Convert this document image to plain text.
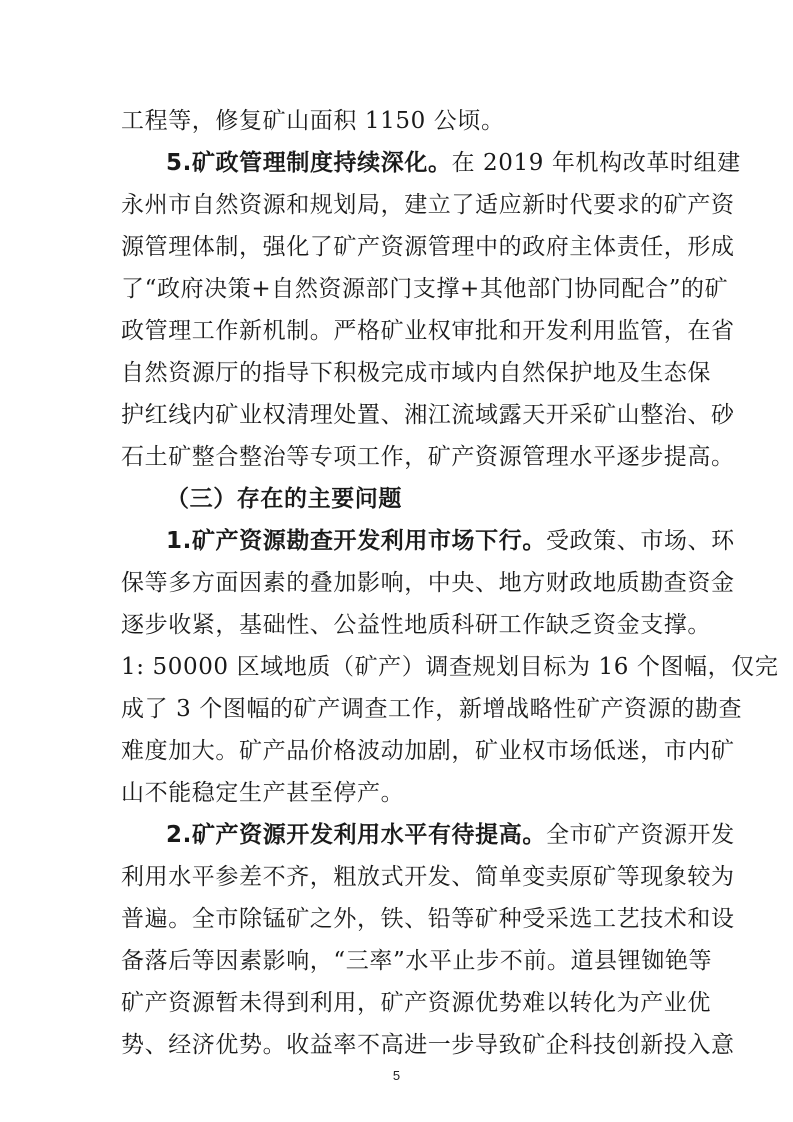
工程等，修复矿山面积 1150 公顷。
5.矿政管理制度持续深化。在 2019 年机构改革时组建
永州市自然资源和规划局，建立了适应新时代要求的矿产资
源管理体制，强化了矿产资源管理中的政府主体责任，形成
了“政府决策+自然资源部门支撑+其他部门协同配合”的矿
政管理工作新机制。严格矿业权审批和开发利用监管，在省
自然资源厅的指导下积极完成市域内自然保护地及生态保
护红线内矿业权清理处置、湘江流域露天开采矿山整治、砂
石土矿整合整治等专项工作，矿产资源管理水平逐步提高。
（三）存在的主要问题
1.矿产资源勘查开发利用市场下行。受政策、市场、环
保等多方面因素的叠加影响，中央、地方财政地质勘查资金
逐步收紧，基础性、公益性地质科研工作缺乏资金支撑。
1: 50000 区域地质（矿产）调查规划目标为 16 个图幅，仅完
成了 3 个图幅的矿产调查工作，新增战略性矿产资源的勘查
难度加大。矿产品价格波动加剧，矿业权市场低迷，市内矿
山不能稳定生产甚至停产。
2.矿产资源开发利用水平有待提高。全市矿产资源开发
利用水平参差不齐，粗放式开发、简单变卖原矿等现象较为
普遍。全市除锰矿之外，铁、铅等矿种受采选工艺技术和设
备落后等因素影响，“三率”水平止步不前。道县锂铷铯等
矿产资源暂未得到利用，矿产资源优势难以转化为产业优
势、经济优势。收益率不高进一步导致矿企科技创新投入意
5
